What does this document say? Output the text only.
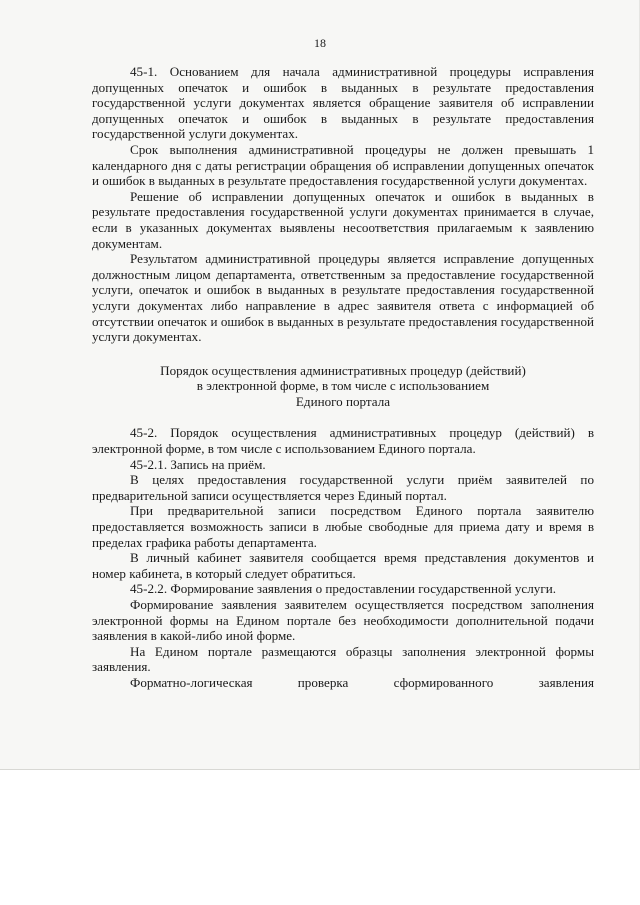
18

45-1. Основанием для начала административной процедуры исправления допущенных опечаток и ошибок в выданных в результате предоставления государственной услуги документах является обращение заявителя об исправлении допущенных опечаток и ошибок в выданных в результате предоставления государственной услуги документах.

Срок выполнения административной процедуры не должен превышать 1 календарного дня с даты регистрации обращения об исправлении допущенных опечаток и ошибок в выданных в результате предоставления государственной услуги документах.

Решение об исправлении допущенных опечаток и ошибок в выданных в результате предоставления государственной услуги документах принимается в случае, если в указанных документах выявлены несоответствия прилагаемым к заявлению документам.

Результатом административной процедуры является исправление допущенных должностным лицом департамента, ответственным за предоставление государственной услуги, опечаток и ошибок в выданных в результате предоставления государственной услуги документах либо направление в адрес заявителя ответа с информацией об отсутствии опечаток и ошибок в выданных в результате предоставления государственной услуги документах.

Порядок осуществления административных процедур (действий)
в электронной форме, в том числе с использованием
Единого портала

45-2. Порядок осуществления административных процедур (действий) в электронной форме, в том числе с использованием Единого портала.

45-2.1. Запись на приём.

В целях предоставления государственной услуги приём заявителей по предварительной записи осуществляется через Единый портал.

При предварительной записи посредством Единого портала заявителю предоставляется возможность записи в любые свободные для приема дату и время в пределах графика работы департамента.

В личный кабинет заявителя сообщается время представления документов и номер кабинета, в который следует обратиться.

45-2.2. Формирование заявления о предоставлении государственной услуги.

Формирование заявления заявителем осуществляется посредством заполнения электронной формы на Едином портале без необходимости дополнительной подачи заявления в какой-либо иной форме.

На Едином портале размещаются образцы заполнения электронной формы заявления.

Форматно-логическая проверка сформированного заявления
